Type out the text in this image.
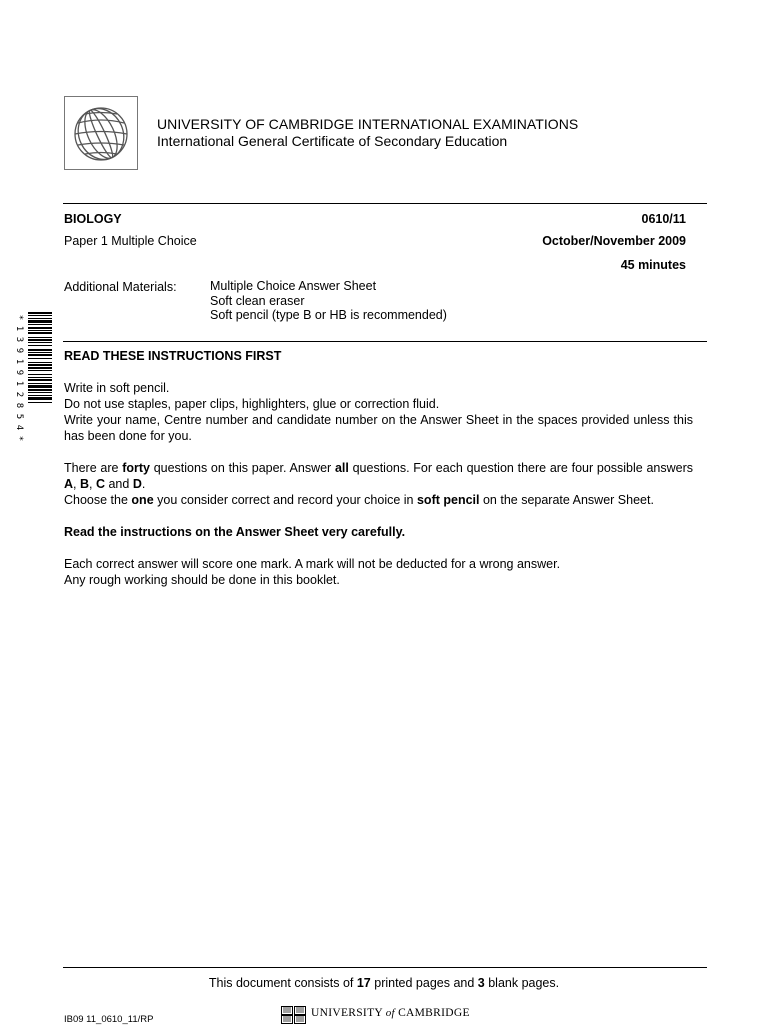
UNIVERSITY OF CAMBRIDGE INTERNATIONAL EXAMINATIONS
International General Certificate of Secondary Education
BIOLOGY	0610/11
Paper 1 Multiple Choice	October/November 2009
45 minutes
Additional Materials:	Multiple Choice Answer Sheet
Soft clean eraser
Soft pencil (type B or HB is recommended)
*
1
3
9
1
9
1
2
8
5
4
*
READ THESE INSTRUCTIONS FIRST

Write in soft pencil.

Do not use staples, paper clips, highlighters, glue or correction fluid.

Write your name, Centre number and candidate number on the Answer Sheet in the spaces provided unless this has been done for you.

There are forty questions on this paper. Answer all questions. For each question there are four possible answers A, B, C and D.

Choose the one you consider correct and record your choice in soft pencil on the separate Answer Sheet.

Read the instructions on the Answer Sheet very carefully.

Each correct answer will score one mark. A mark will not be deducted for a wrong answer.

Any rough working should be done in this booklet.

This document consists of 17 printed pages and 3 blank pages.
IB09 11_0610_11/RP
UNIVERSITY of CAMBRIDGE
